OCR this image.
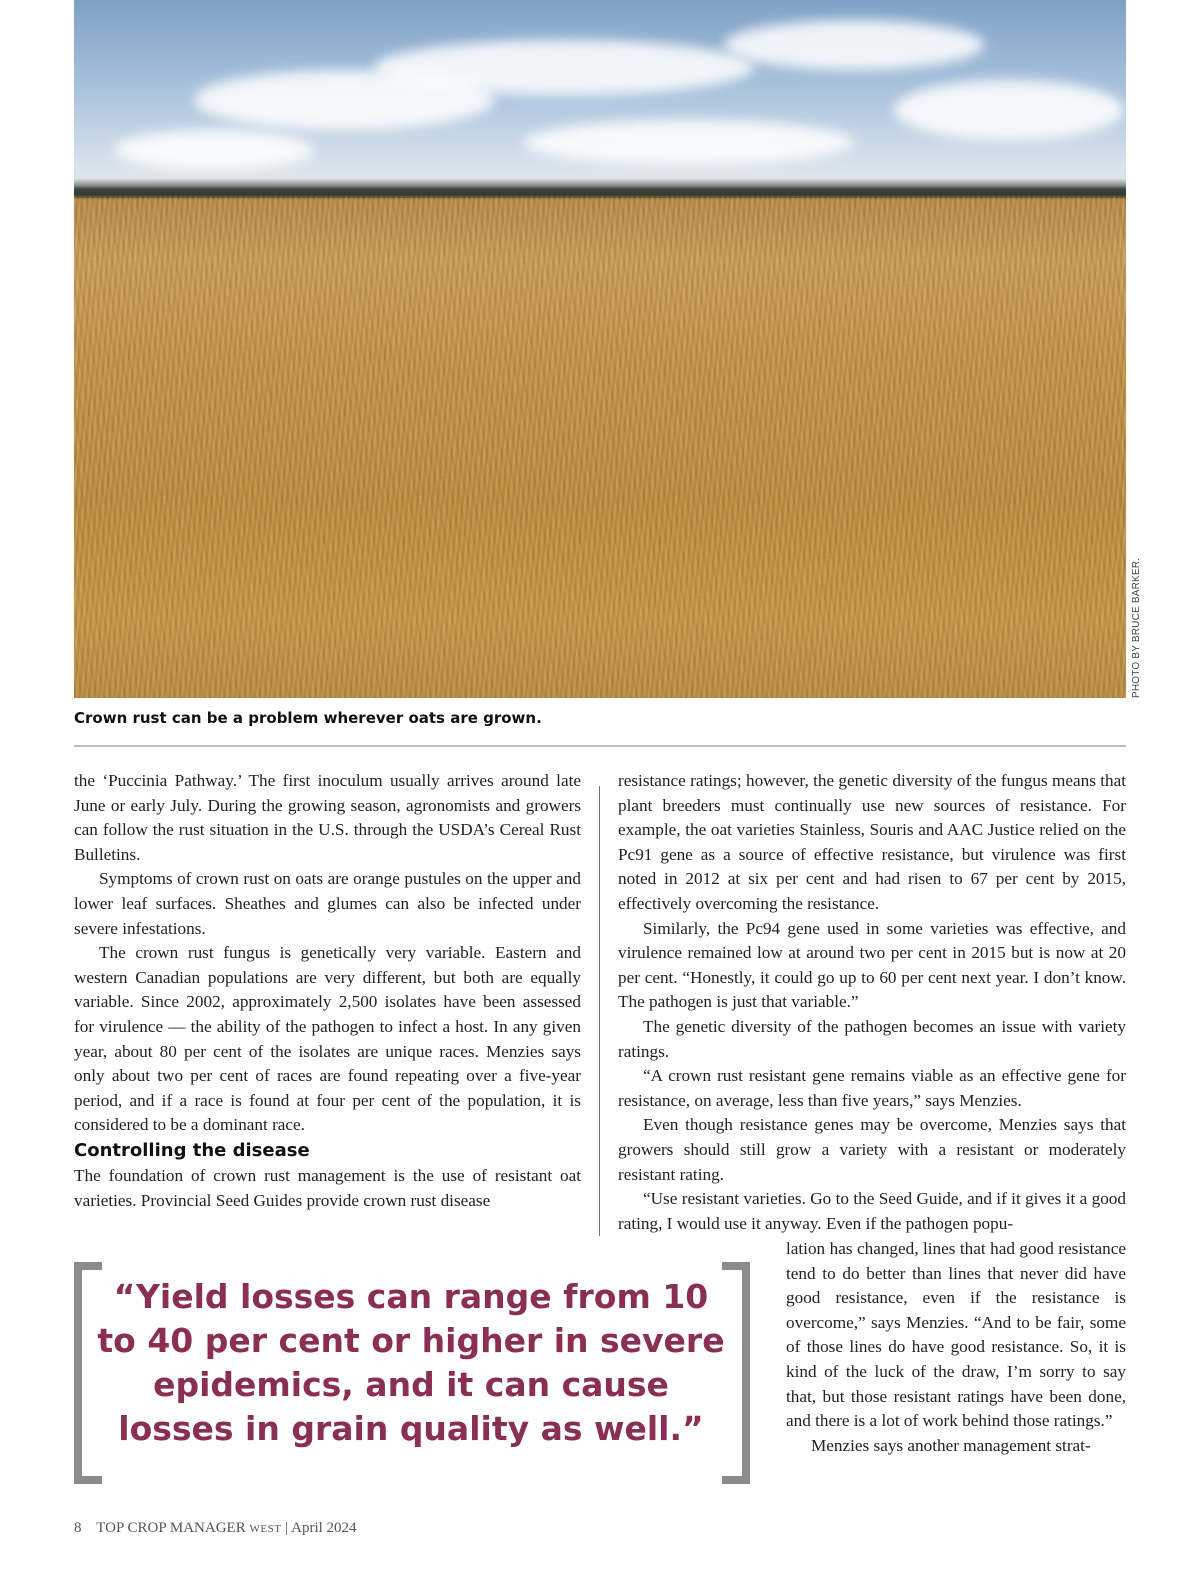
PHOTO BY BRUCE BARKER.
Crown rust can be a problem wherever oats are grown.

the ‘Puccinia Pathway.’ The first inoculum usually arrives around late June or early July. During the growing season, agronomists and growers can follow the rust situation in the U.S. through the USDA’s Cereal Rust Bulletins.

Symptoms of crown rust on oats are orange pustules on the upper and lower leaf surfaces. Sheathes and glumes can also be infected under severe infestations.

The crown rust fungus is genetically very variable. Eastern and western Canadian populations are very different, but both are equally variable. Since 2002, approximately 2,500 isolates have been assessed for virulence — the ability of the pathogen to infect a host. In any given year, about 80 per cent of the isolates are unique races. Menzies says only about two per cent of races are found repeating over a five-year period, and if a race is found at four per cent of the population, it is considered to be a dominant race.

Controlling the disease

The foundation of crown rust management is the use of resistant oat varieties. Provincial Seed Guides provide crown rust disease

resistance ratings; however, the genetic diversity of the fungus means that plant breeders must continually use new sources of resistance. For example, the oat varieties Stainless, Souris and AAC Justice relied on the Pc91 gene as a source of effective resistance, but virulence was first noted in 2012 at six per cent and had risen to 67 per cent by 2015, effectively overcoming the resistance.

Similarly, the Pc94 gene used in some varieties was effective, and virulence remained low at around two per cent in 2015 but is now at 20 per cent. “Honestly, it could go up to 60 per cent next year. I don’t know. The pathogen is just that variable.”

The genetic diversity of the pathogen becomes an issue with variety ratings.

“A crown rust resistant gene remains viable as an effective gene for resistance, on average, less than five years,” says Menzies.

Even though resistance genes may be overcome, Menzies says that growers should still grow a variety with a resistant or moderately resistant rating.

“Use resistant varieties. Go to the Seed Guide, and if it gives it a good rating, I would use it anyway. Even if the pathogen popu-

lation has changed, lines that had good resistance tend to do better than lines that never did have good resistance, even if the resistance is overcome,” says Menzies. “And to be fair, some of those lines do have good resistance. So, it is kind of the luck of the draw, I’m sorry to say that, but those resistant ratings have been done, and there is a lot of work behind those ratings.”

Menzies says another management strat-

“Yield losses can range from 10 to 40 per cent or higher in severe epidemics, and it can cause losses in grain quality as well.”
8 TOP CROP MANAGER WEST | April 2024
